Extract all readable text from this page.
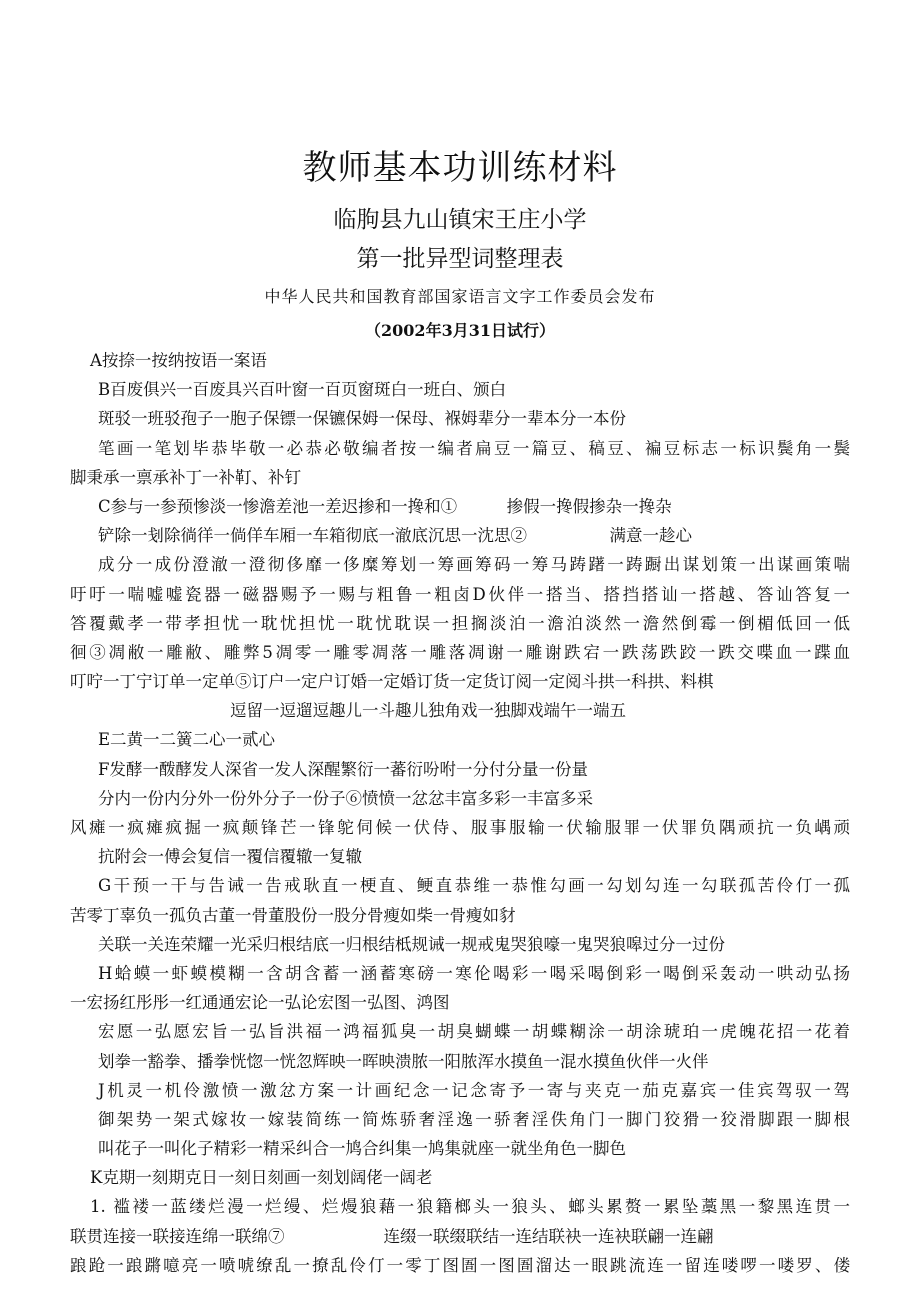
教师基本功训练材料
临朐县九山镇宋王庄小学
第一批异型词整理表
中华人民共和国教育部国家语言文字工作委员会发布
（2002年3月31日试行）
A按捺一按纳按语一案语
B百废俱兴一百废具兴百叶窗一百页窗斑白一班白、颁白
斑驳一班驳孢子一胞子保镖一保镳保姆一保母、褓姆辈分一辈本分一本份
笔画一笔划毕恭毕敬一必恭必敬编者按一编者扁豆一篇豆、稿豆、褊豆标志一标识鬓角一鬓
脚秉承一禀承补丁一补靪、补钉
C参与一参预惨淡一惨澹差池一差迟掺和一搀和①　　　掺假一搀假掺杂一搀杂
铲除一刬除徜徉一倘佯车厢一车箱彻底一澈底沉思一沈思②　　　　　满意一趁心
成分一成份澄澈一澄彻侈靡一侈糜筹划一筹画筹码一筹马踌躇一踌蹰出谋划策一出谋画策喘
吁吁一喘嘘嘘瓷器一磁器赐予一赐与粗鲁一粗卤D伙伴一搭当、搭挡搭讪一搭越、答讪答复一
答覆戴孝一带孝担忧一耽忧担忧一耽忧耽误一担搁淡泊一澹泊淡然一澹然倒霉一倒楣低回一低
徊③凋敝一雕敝、雕弊5凋零一雕零凋落一雕落凋谢一雕谢跌宕一跌荡跌跤一跌交喋血一蹀血
叮咛一丁宁订单一定单⑤订户一定户订婚一定婚订货一定货订阅一定阅斗拱一科拱、料棋
逗留一逗遛逗趣儿一斗趣儿独角戏一独脚戏端午一端五
E二黄一二簧二心一贰心
F发酵一酦酵发人深省一发人深醒繁衍一蕃衍吩咐一分付分量一份量
分内一份内分外一份外分子一份子⑥愤愤一忿忿丰富多彩一丰富多采
风瘫一疯瘫疯掘一疯颠锋芒一锋鸵伺候一伏侍、服事服输一伏输服罪一伏罪负隅顽抗一负嵎顽
抗附会一傅会复信一覆信覆辙一复辙
G干预一干与告诫一告戒耿直一梗直、鲠直恭维一恭惟勾画一勾划勾连一勾联孤苦伶仃一孤
苦零丁辜负一孤负古董一骨董股份一股分骨瘦如柴一骨瘦如豺
关联一关连荣耀一光采归根结底一归根结柢规诫一规戒鬼哭狼嚎一鬼哭狼嗥过分一过份
H蛤蟆一虾蟆模糊一含胡含蓄一涵蓄寒磅一寒伦喝彩一喝采喝倒彩一喝倒采轰动一哄动弘扬
一宏扬红彤彤一红通通宏论一弘论宏图一弘图、鸿图
宏愿一弘愿宏旨一弘旨洪福一鸿福狐臭一胡臭蝴蝶一胡蝶糊涂一胡涂琥珀一虎魄花招一花着
划拳一豁拳、播拳恍惚一恍忽辉映一晖映溃脓一阳脓浑水摸鱼一混水摸鱼伙伴一火伴
J机灵一机伶激愤一激忿方案一计画纪念一记念寄予一寄与夹克一茄克嘉宾一佳宾驾驭一驾
御架势一架式嫁妆一嫁装简练一简炼骄奢淫逸一骄奢淫佚角门一脚门狡猾一狡滑脚跟一脚根
叫花子一叫化子精彩一精采纠合一鸠合纠集一鸠集就座一就坐角色一脚色
K克期一刻期克日一刻日刻画一刻划阔佬一阔老
1. 褴褛一蓝缕烂漫一烂缦、烂熳狼藉一狼籍榔头一狼头、螂头累赘一累坠藁黑一黎黑连贯一
联贯连接一联接连绵一联绵⑦　　　　　　连缀一联缀联结一连结联袂一连袂联翩一连翩
踉跄一踉蹡噫亮一喷唬缭乱一撩乱伶仃一零丁图圄一图圄溜达一眼跳流连一留连喽啰一喽罗、偻
